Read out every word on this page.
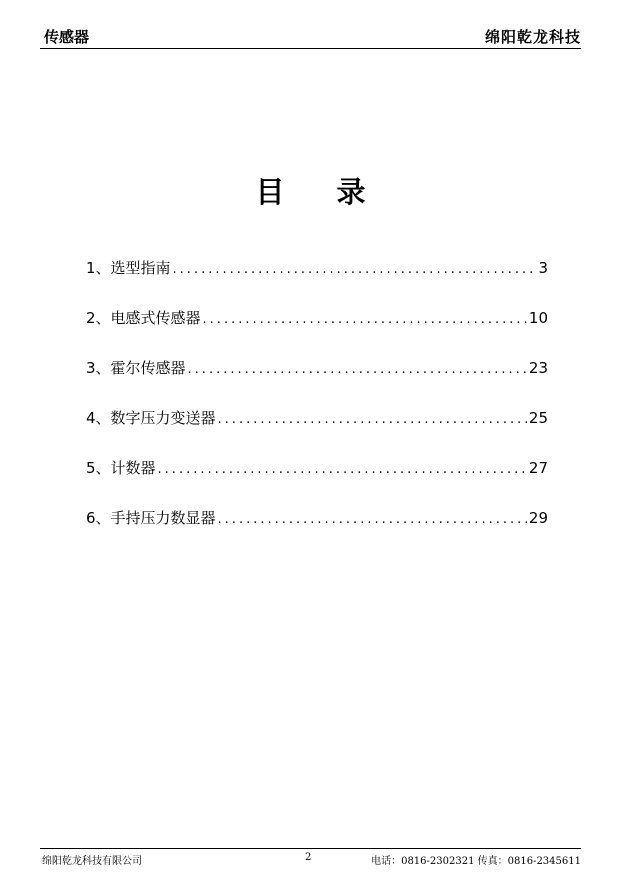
传感器	绵阳乾龙科技
目录
1、选型指南 .....	3
2、电感式传感器 .....	10
3、霍尔传感器 .....	23
4、数字压力变送器 .....	25
5、计数器 .....	27
6、手持压力数显器 .....	29
绵阳乾龙科技有限公司	2	电话：0816-2302321 传真：0816-2345611
